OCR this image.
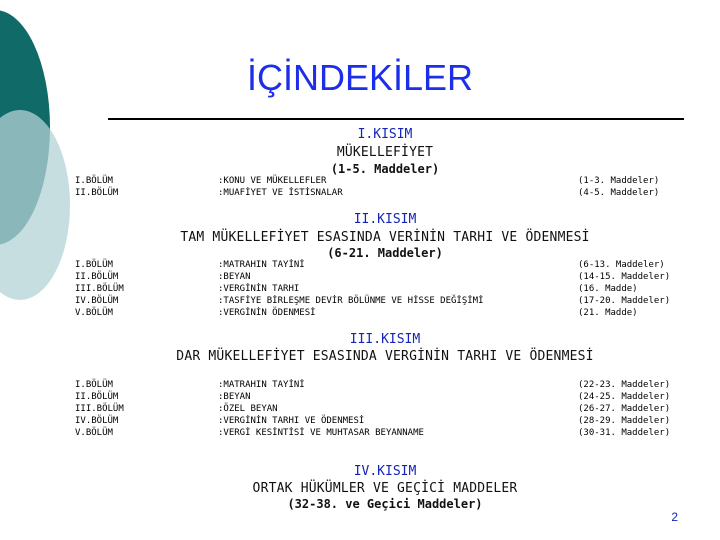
İÇİNDEKİLER
I.KISIM
MÜKELLEFİYET
(1-5. Maddeler)
I.BÖLÜM	:KONU VE MÜKELLEFLER	(1-3. Maddeler)
II.BÖLÜM	:MUAFİYET VE İSTİSNALAR	(4-5. Maddeler)
II.KISIM
TAM MÜKELLEFİYET ESASINDA VERİNİN TARHI VE ÖDENMESİ
(6-21. Maddeler)
I.BÖLÜM	:MATRAHIN TAYİNİ	(6-13. Maddeler)
II.BÖLÜM	:BEYAN	(14-15. Maddeler)
III.BÖLÜM	:VERGİNİN TARHI	(16. Madde)
IV.BÖLÜM	:TASFİYE BİRLEŞME DEVİR BÖLÜNME VE HİSSE DEĞİŞİMİ	(17-20. Maddeler)
V.BÖLÜM	:VERGİNİN ÖDENMESİ	(21. Madde)
III.KISIM
DAR MÜKELLEFİYET ESASINDA VERGİNİN TARHI VE ÖDENMESİ
I.BÖLÜM	:MATRAHIN TAYİNİ	(22-23. Maddeler)
II.BÖLÜM	:BEYAN	(24-25. Maddeler)
III.BÖLÜM	:ÖZEL BEYAN	(26-27. Maddeler)
IV.BÖLÜM	:VERGİNİN TARHI VE ÖDENMESİ	(28-29. Maddeler)
V.BÖLÜM	:VERGİ KESİNTİSİ VE MUHTASAR BEYANNAME	(30-31. Maddeler)
IV.KISIM
ORTAK HÜKÜMLER VE GEÇİCİ MADDELER
(32-38. ve Geçici Maddeler)
2
